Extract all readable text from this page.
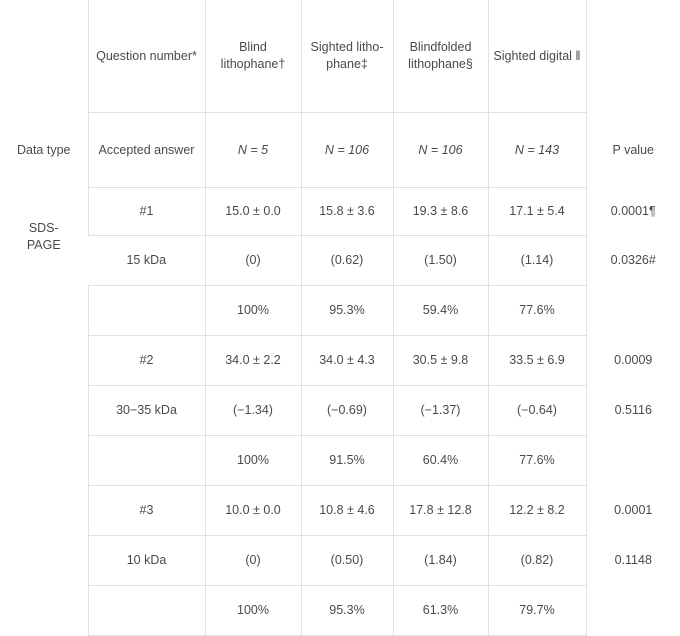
	Question number*	Blind lithophane†	Sighted litho-phane‡	Blindfolded lithophane§	Sighted digital ‖	
Data type	Accepted answer	N = 5	N = 106	N = 106	N = 143	P value
SDS-
PAGE	#1	15.0 ± 0.0	15.8 ± 3.6	19.3 ± 8.6	17.1 ± 5.4	0.0001¶
	15 kDa	(0)	(0.62)	(1.50)	(1.14)	0.0326#
		100%	95.3%	59.4%	77.6%	
	#2	34.0 ± 2.2	34.0 ± 4.3	30.5 ± 9.8	33.5 ± 6.9	0.0009
	30−35 kDa	(−1.34)	(−0.69)	(−1.37)	(−0.64)	0.5116
		100%	91.5%	60.4%	77.6%	
	#3	10.0 ± 0.0	10.8 ± 4.6	17.8 ± 12.8	12.2 ± 8.2	0.0001
	10 kDa	(0)	(0.50)	(1.84)	(0.82)	0.1148
		100%	95.3%	61.3%	79.7%	
